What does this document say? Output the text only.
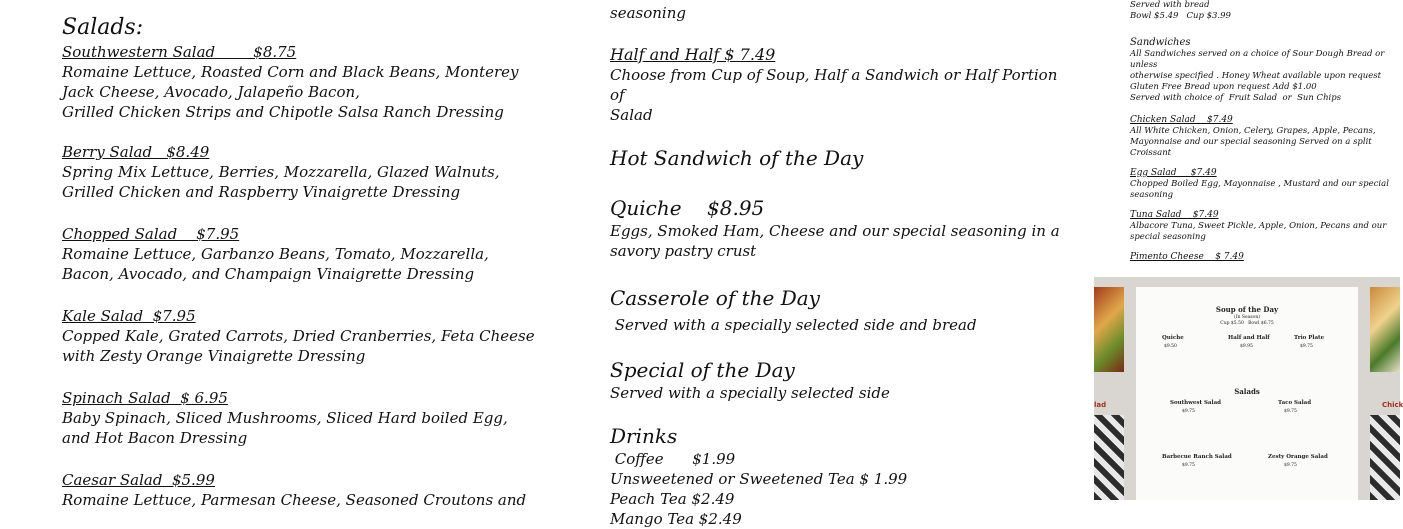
Salads:

Southwestern Salad        $8.75

Romaine Lettuce, Roasted Corn and Black Beans, Monterey

Jack Cheese, Avocado, Jalapeño Bacon,

Grilled Chicken Strips and Chipotle Salsa Ranch Dressing

Berry Salad   $8.49

Spring Mix Lettuce, Berries, Mozzarella, Glazed Walnuts,

Grilled Chicken and Raspberry Vinaigrette Dressing

Chopped Salad    $7.95

Romaine Lettuce, Garbanzo Beans, Tomato, Mozzarella,

Bacon, Avocado, and Champaign Vinaigrette Dressing

Kale Salad  $7.95

Copped Kale, Grated Carrots, Dried Cranberries, Feta Cheese

with Zesty Orange Vinaigrette Dressing

Spinach Salad  $ 6.95

Baby Spinach, Sliced Mushrooms, Sliced Hard boiled Egg,

and Hot Bacon Dressing

Caesar Salad  $5.99

Romaine Lettuce, Parmesan Cheese, Seasoned Croutons and

seasoning

Half and Half $ 7.49

Choose from Cup of Soup, Half a Sandwich or Half Portion of

Salad

Hot Sandwich of the Day

Quiche    $8.95

Eggs, Smoked Ham, Cheese and our special seasoning in a

savory pastry crust

Casserole of the Day

Served with a specially selected side and bread

Special of the Day

Served with a specially selected side

Drinks

Coffee      $1.99

Unsweetened or Sweetened Tea $ 1.99

Peach Tea $2.49

Mango Tea $2.49

Served with bread

Bowl $5.49   Cup $3.99

Sandwiches

All Sandwiches served on a choice of Sour Dough Bread or unless

otherwise specified . Honey Wheat available upon request

Gluten Free Bread upon request Add $1.00

Served with choice of  Fruit Salad  or  Sun Chips

Chicken Salad    $7.49

All White Chicken, Onion, Celery, Grapes, Apple, Pecans,

Mayonnaise and our special seasoning Served on a split Croissant

Egg Salad     $7.49

Chopped Boiled Egg, Mayonnaise , Mustard and our special

seasoning

Tuna Salad    $7.49

Albacore Tuna, Sweet Pickle, Apple, Onion, Pecans and our

special seasoning

Pimento Cheese    $ 7.49

lad	Chick
Soup of the Day
(In Season)
Cup $5.50   Bowl $6.75
Quiche
$9.50
Half and Half
$9.95
Trio Plate
$9.75
Salads
Southwest Salad
$9.75
Taco Salad
$9.75
Barbecue Ranch Salad
$9.75
Zesty Orange Salad
$9.75
